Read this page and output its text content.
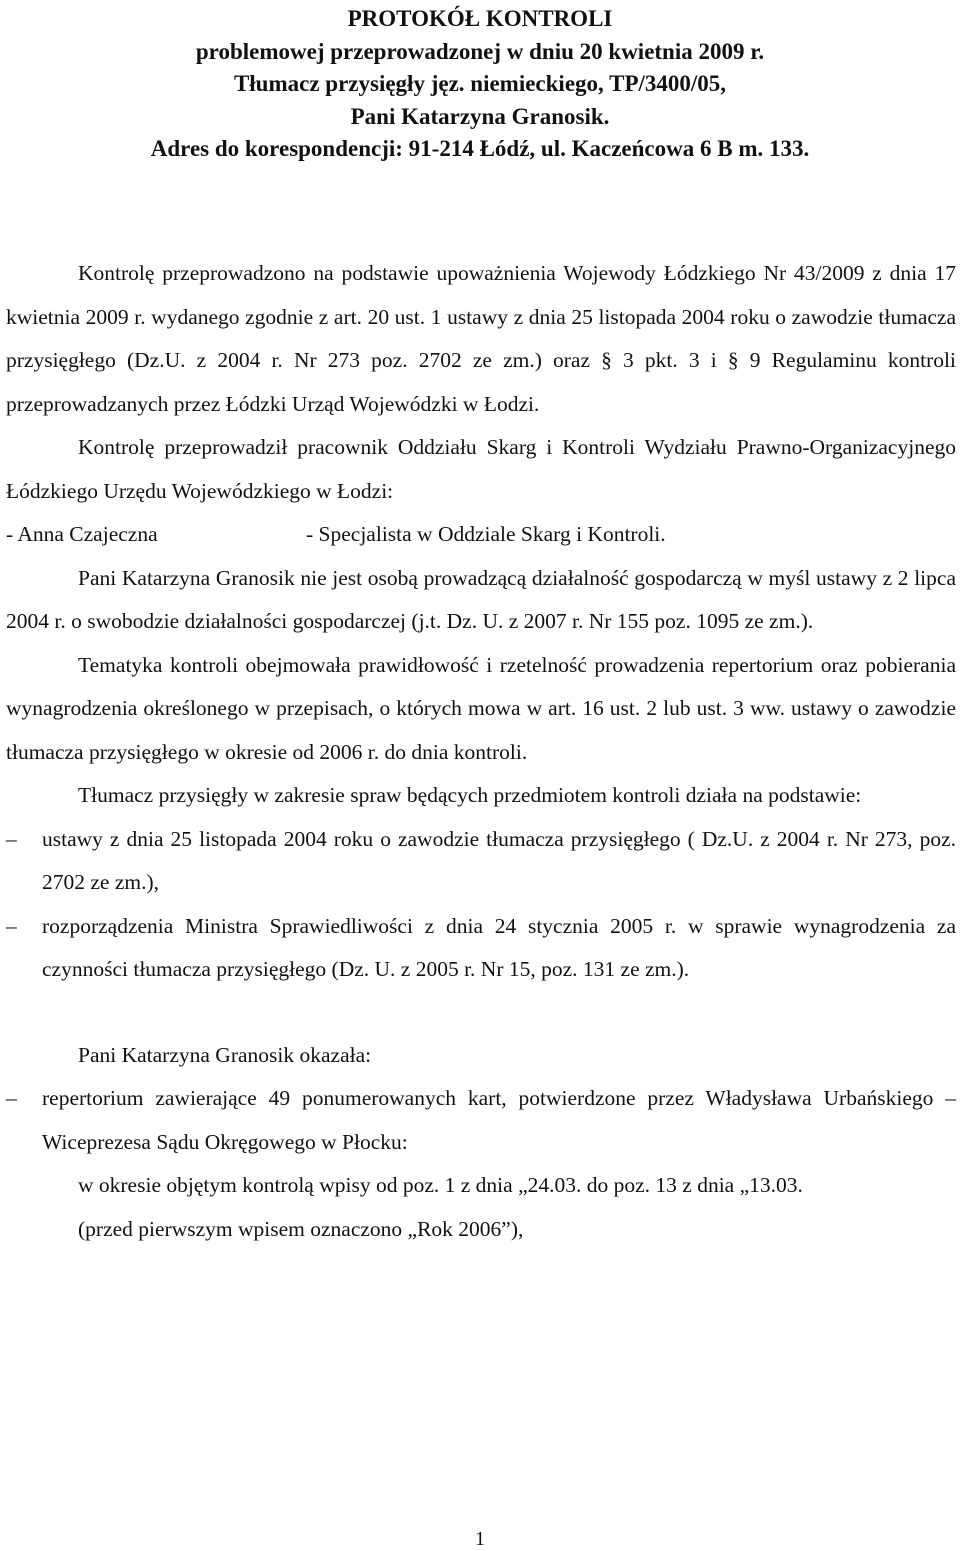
PROTOKÓŁ KONTROLI
problemowej przeprowadzonej w dniu 20 kwietnia 2009 r.
Tłumacz przysięgły jęz. niemieckiego, TP/3400/05,
Pani Katarzyna Granosik.
Adres do korespondencji: 91-214 Łódź, ul. Kaczeńcowa 6 B m. 133.

Kontrolę przeprowadzono na podstawie upoważnienia Wojewody Łódzkiego Nr 43/2009 z dnia 17 kwietnia 2009 r. wydanego zgodnie z art. 20 ust. 1 ustawy z dnia 25 listopada 2004 roku o zawodzie tłumacza przysięgłego (Dz.U. z 2004 r. Nr 273 poz. 2702 ze zm.) oraz § 3 pkt. 3 i § 9 Regulaminu kontroli przeprowadzanych przez Łódzki Urząd Wojewódzki w Łodzi.

Kontrolę przeprowadził pracownik Oddziału Skarg i Kontroli Wydziału Prawno-Organizacyjnego Łódzkiego Urzędu Wojewódzkiego w Łodzi:

- Anna Czajeczna	- Specjalista w Oddziale Skarg i Kontroli.

Pani Katarzyna Granosik nie jest osobą prowadzącą działalność gospodarczą w myśl ustawy z 2 lipca 2004 r. o swobodzie działalności gospodarczej (j.t. Dz. U. z 2007 r. Nr 155 poz. 1095 ze zm.).

Tematyka kontroli obejmowała prawidłowość i rzetelność prowadzenia repertorium oraz pobierania wynagrodzenia określonego w przepisach, o których mowa w art. 16 ust. 2 lub ust. 3 ww. ustawy o zawodzie tłumacza przysięgłego w okresie od 2006 r. do dnia kontroli.

Tłumacz przysięgły w zakresie spraw będących przedmiotem kontroli działa na podstawie:

– ustawy z dnia 25 listopada 2004 roku o zawodzie tłumacza przysięgłego ( Dz.U. z 2004 r. Nr 273, poz. 2702 ze zm.),
– rozporządzenia Ministra Sprawiedliwości z dnia 24 stycznia 2005 r. w sprawie wynagrodzenia za czynności tłumacza przysięgłego (Dz. U. z 2005 r. Nr 15, poz. 131 ze zm.).

Pani Katarzyna Granosik okazała:

– repertorium zawierające 49 ponumerowanych kart, potwierdzone przez Władysława Urbańskiego – Wiceprezesa Sądu Okręgowego w Płocku:
w okresie objętym kontrolą wpisy od poz. 1 z dnia „24.03. do poz. 13 z dnia „13.03.
(przed pierwszym wpisem oznaczono „Rok 2006”),
1
